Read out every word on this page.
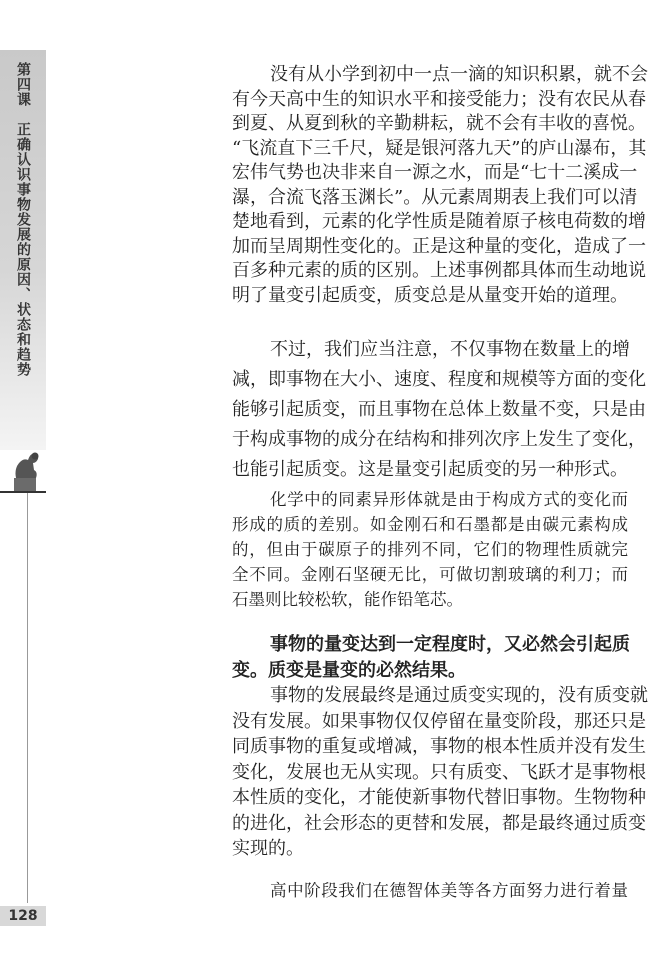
第四课　正确认识事物发展的原因、状态和趋势
128
没有从小学到初中一点一滴的知识积累，就不会
有今天高中生的知识水平和接受能力；没有农民从春
到夏、从夏到秋的辛勤耕耘，就不会有丰收的喜悦。
“飞流直下三千尺，疑是银河落九天”的庐山瀑布，其
宏伟气势也决非来自一源之水，而是“七十二溪成一
瀑，合流飞落玉渊长”。从元素周期表上我们可以清
楚地看到，元素的化学性质是随着原子核电荷数的增
加而呈周期性变化的。正是这种量的变化，造成了一
百多种元素的质的区别。上述事例都具体而生动地说
明了量变引起质变，质变总是从量变开始的道理。
不过，我们应当注意，不仅事物在数量上的增
减，即事物在大小、速度、程度和规模等方面的变化
能够引起质变，而且事物在总体上数量不变，只是由
于构成事物的成分在结构和排列次序上发生了变化，
也能引起质变。这是量变引起质变的另一种形式。
化学中的同素异形体就是由于构成方式的变化而
形成的质的差别。如金刚石和石墨都是由碳元素构成
的，但由于碳原子的排列不同，它们的物理性质就完
全不同。金刚石坚硬无比，可做切割玻璃的利刀；而
石墨则比较松软，能作铅笔芯。
事物的量变达到一定程度时，又必然会引起质
变。质变是量变的必然结果。
事物的发展最终是通过质变实现的，没有质变就
没有发展。如果事物仅仅停留在量变阶段，那还只是
同质事物的重复或增减，事物的根本性质并没有发生
变化，发展也无从实现。只有质变、飞跃才是事物根
本性质的变化，才能使新事物代替旧事物。生物物种
的进化，社会形态的更替和发展，都是最终通过质变
实现的。
高中阶段我们在德智体美等各方面努力进行着量
